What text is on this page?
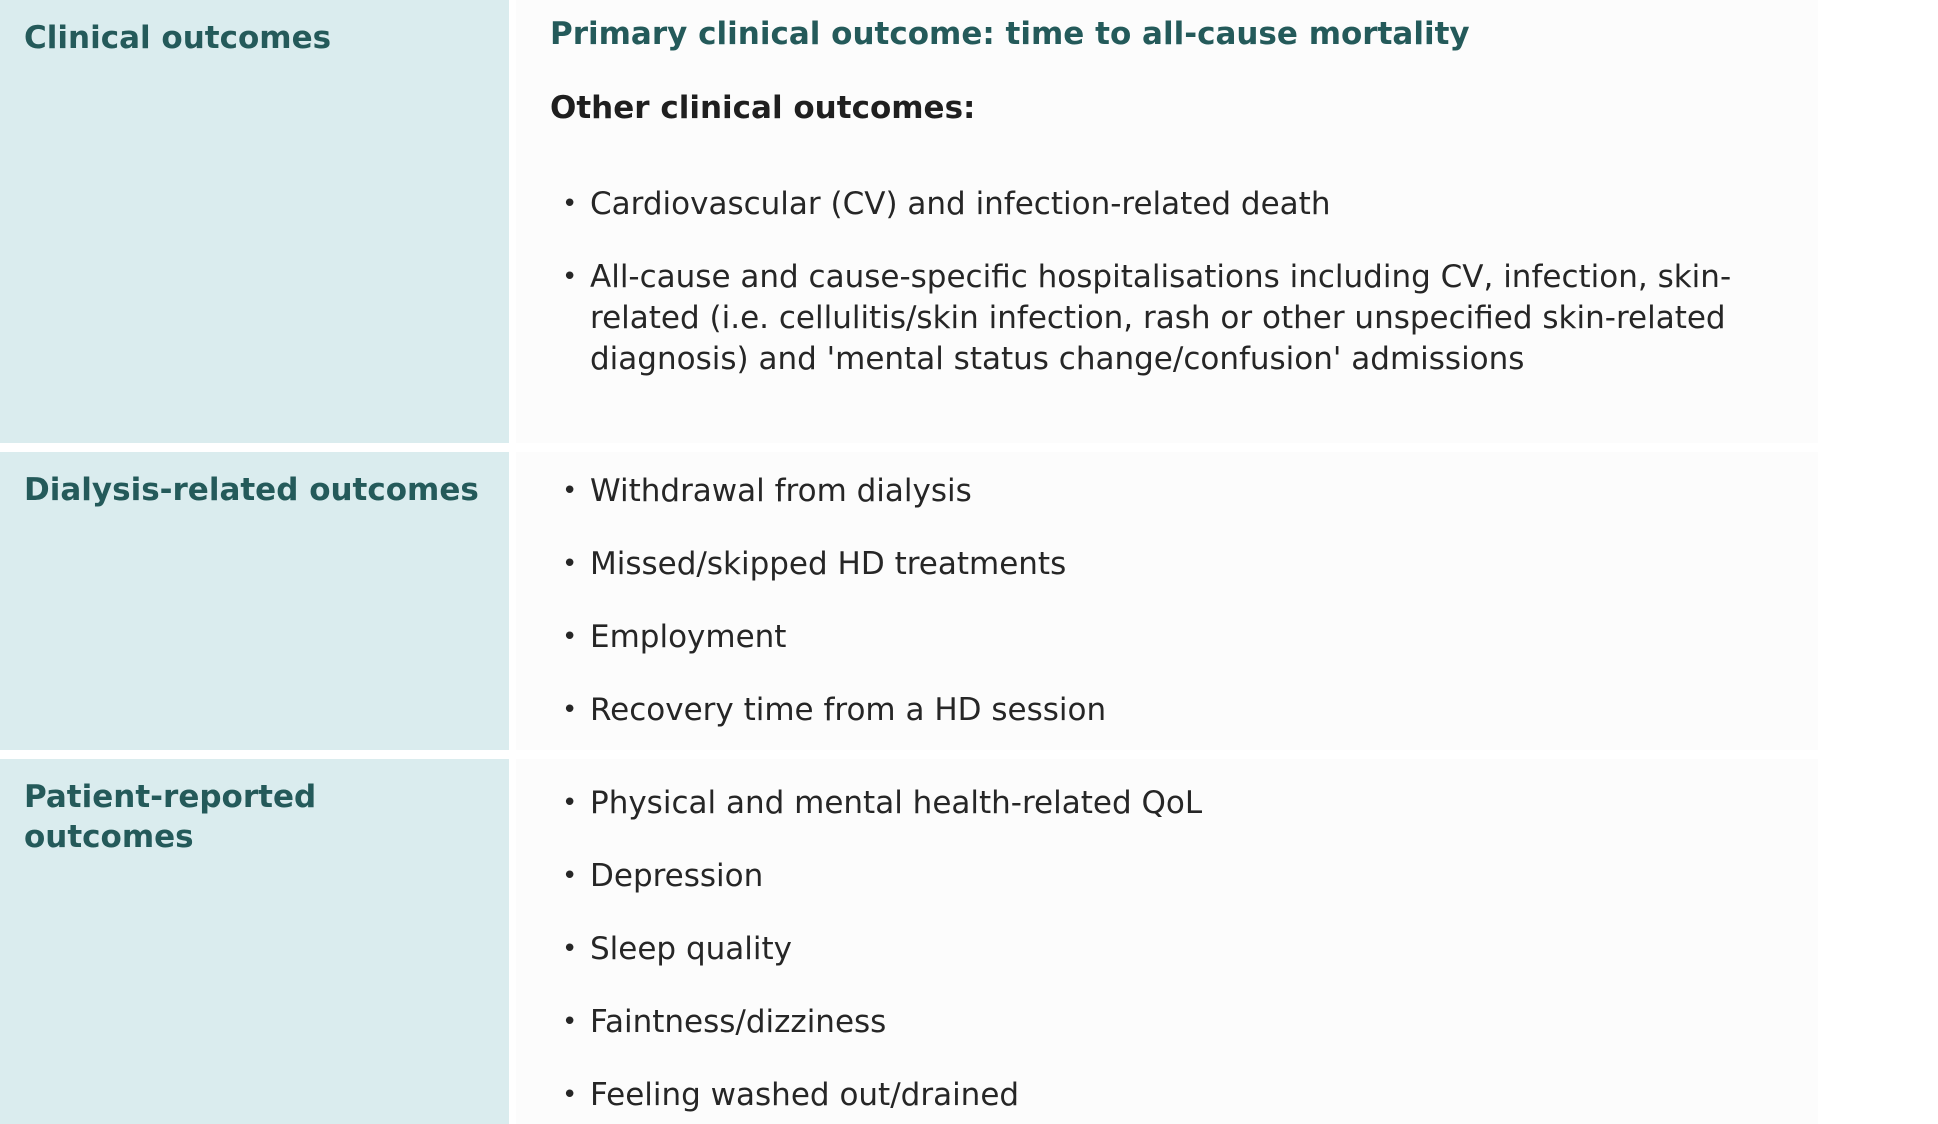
Clinical outcomes	Primary clinical outcome: time to all-cause mortality
Other clinical outcomes:
• Cardiovascular (CV) and infection-related death
• All-cause and cause-specific hospitalisations including CV, infection, skin-related (i.e. cellulitis/skin infection, rash or other unspecified skin-related diagnosis) and 'mental status change/confusion' admissions
Dialysis-related outcomes	• Withdrawal from dialysis
• Missed/skipped HD treatments
• Employment
• Recovery time from a HD session
Patient-reported outcomes
• Physical and mental health-related QoL
• Depression
• Sleep quality
• Faintness/dizziness
• Feeling washed out/drained
